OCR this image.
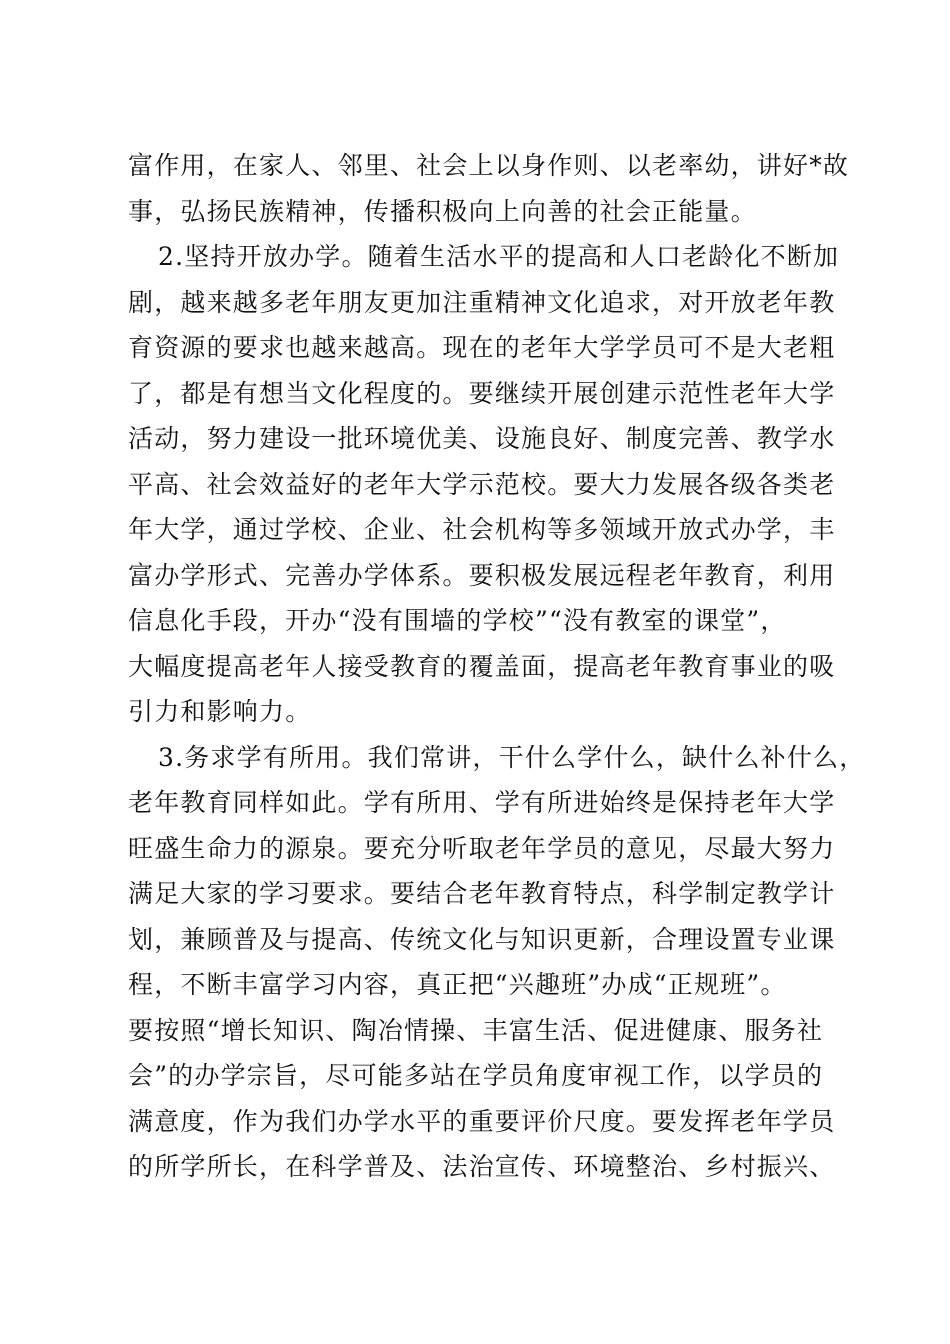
富作用，在家人、邻里、社会上以身作则、以老率幼，讲好*故
事，弘扬民族精神，传播积极向上向善的社会正能量。
2.坚持开放办学。随着生活水平的提高和人口老龄化不断加
剧，越来越多老年朋友更加注重精神文化追求，对开放老年教
育资源的要求也越来越高。现在的老年大学学员可不是大老粗
了，都是有想当文化程度的。要继续开展创建示范性老年大学
活动，努力建设一批环境优美、设施良好、制度完善、教学水
平高、社会效益好的老年大学示范校。要大力发展各级各类老
年大学，通过学校、企业、社会机构等多领域开放式办学，丰
富办学形式、完善办学体系。要积极发展远程老年教育，利用
信息化手段，开办“没有围墙的学校”“没有教室的课堂”，
大幅度提高老年人接受教育的覆盖面，提高老年教育事业的吸
引力和影响力。
3.务求学有所用。我们常讲，干什么学什么，缺什么补什么，
老年教育同样如此。学有所用、学有所进始终是保持老年大学
旺盛生命力的源泉。要充分听取老年学员的意见，尽最大努力
满足大家的学习要求。要结合老年教育特点，科学制定教学计
划，兼顾普及与提高、传统文化与知识更新，合理设置专业课
程，不断丰富学习内容，真正把“兴趣班”办成“正规班”。
要按照“增长知识、陶冶情操、丰富生活、促进健康、服务社
会”的办学宗旨，尽可能多站在学员角度审视工作，以学员的
满意度，作为我们办学水平的重要评价尺度。要发挥老年学员
的所学所长，在科学普及、法治宣传、环境整治、乡村振兴、
